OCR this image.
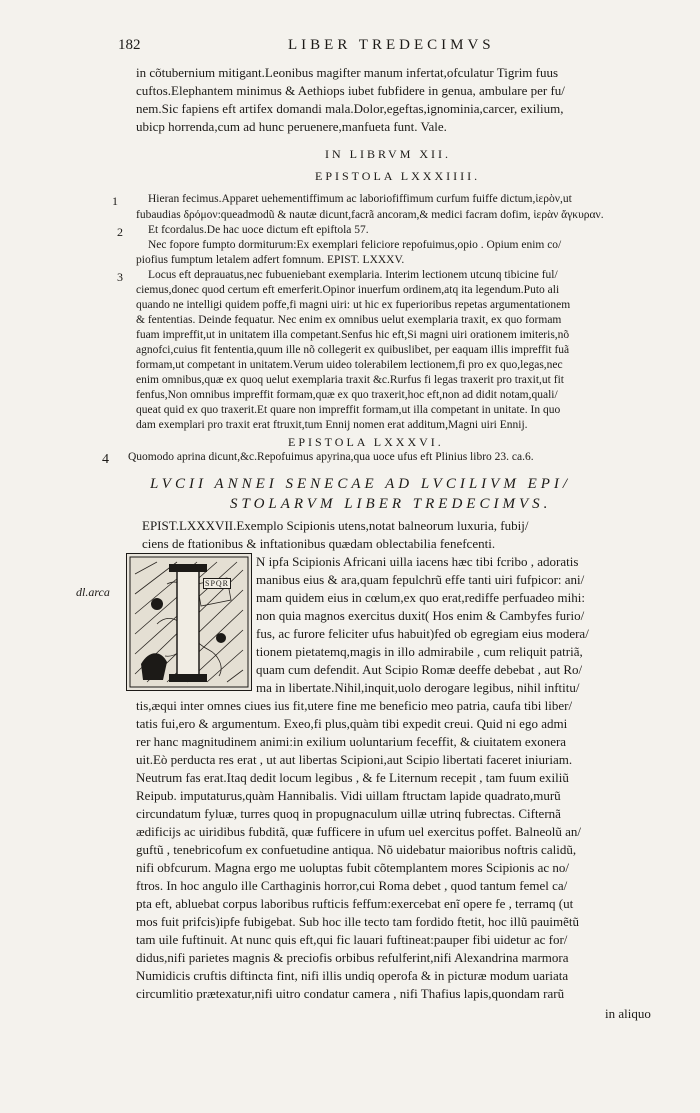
182	LIBER TREDECIMVS
in cõtubernium mitigant.Leonibus magifter manum infertat,ofculatur Tigrim fuus
cuftos.Elephantem minimus & Aethiops iubet fubfidere in genua, ambulare per fu/
nem.Sic fapiens eft artifex domandi mala.Dolor,egeftas,ignominia,carcer, exilium,
ubicp horrenda,cum ad hunc peruenere,manfueta funt. Vale.
IN LIBRVM XII.
EPISTOLA LXXXIIII.
1	Hieran fecimus.Apparet uehementiffimum ac laboriofiffimum curfum fuiffe dictum,ἱερὸν,ut
fubaudias δρόμον:queadmodũ & nautæ dicunt,facrã ancoram,& medici facram dofim, ἱερὰν ἄγκυραν.
2 Et fcordalus.De hac uoce dictum eft epiftola 57.
Nec fopore fumpto dormiturum:Ex exemplari feliciore repofuimus,opio . Opium enim co/
piofius fumptum letalem adfert fomnum. EPIST. LXXXV.
3 Locus eft deprauatus,nec fubueniebant exemplaria. Interim lectionem utcunq tibicine ful/
ciemus,donec quod certum eft emerferit.Opinor inuerfum ordinem,atq ita legendum.Puto ali
quando ne intelligi quidem poffe,fi magni uiri: ut hic ex fuperioribus repetas argumentationem
& fententias. Deinde fequatur. Nec enim ex omnibus uelut exemplaria traxit, ex quo formam
fuam impreffit,ut in unitatem illa competant.Senfus hic eft,Si magni uiri orationem imiteris,nõ
agnofci,cuius fit fententia,quum ille nõ collegerit ex quibuslibet, per eaquam illis impreffit fuã
formam,ut competant in unitatem.Verum uideo tolerabilem lectionem,fi pro ex quo,legas,nec
enim omnibus,quæ ex quoq uelut exemplaria traxit &c.Rurfus fi legas traxerit pro traxit,ut fit
fenfus,Non omnibus impreffit formam,quæ ex quo traxerit,hoc eft,non ad didit notam,quali/
queat quid ex quo traxerit.Et quare non impreffit formam,ut illa competant in unitate. In quo
dam exemplari pro traxit erat ftruxit,tum Ennij nomen erat additum,Magni uiri Ennij.
EPISTOLA LXXXVI.
4 Quomodo aprina dicunt,&c.Repofuimus apyrina,qua uoce ufus eft Plinius libro 23. ca.6.
LVCII ANNEI SENECAE AD LVCILIVM EPI/
STOLARVM LIBER TREDECIMVS.
EPIST.LXXXVII.Exemplo Scipionis utens,notat balneorum luxuria, fubij/
ciens de ftationibus & inftationibus quædam oblectabilia fenefcenti.
dl.arca
SPQR
N ipfa Scipionis Africani uilla iacens hæc tibi fcribo , adoratis
manibus eius & ara,quam fepulchrũ effe tanti uiri fufpicor: ani/
mam quidem eius in cœlum,ex quo erat,rediffe perfuadeo mihi:
non quia magnos exercitus duxit( Hos enim & Cambyfes furio/
fus, ac furore feliciter ufus habuit)fed ob egregiam eius modera/
tionem pietatemq,magis in illo admirabile , cum reliquit patriã,
quam cum defendit. Aut Scipio Romæ deeffe debebat , aut Ro/
ma in libertate.Nihil,inquit,uolo derogare legibus, nihil inftitu/
tis,æqui inter omnes ciues ius fit,utere fine me beneficio meo patria, caufa tibi liber/
tatis fui,ero & argumentum. Exeo,fi plus,quàm tibi expedit creui. Quid ni ego admi
rer hanc magnitudinem animi:in exilium uoluntarium feceffit, & ciuitatem exonera
uit.Eò perducta res erat , ut aut libertas Scipioni,aut Scipio libertati faceret iniuriam.
Neutrum fas erat.Itaq dedit locum legibus , & fe Liternum recepit , tam fuum exiliũ
Reipub. imputaturus,quàm Hannibalis. Vidi uillam ftructam lapide quadrato,murũ
circundatum fyluæ, turres quoq in propugnaculum uillæ utrinq fubrectas. Cifternã
ædificijs ac uiridibus fubditã, quæ fufficere in ufum uel exercitus poffet. Balneolũ an/
guftũ , tenebricofum ex confuetudine antiqua. Nõ uidebatur maioribus noftris calidũ,
nifi obfcurum. Magna ergo me uoluptas fubit cõtemplantem mores Scipionis ac no/
ftros. In hoc angulo ille Carthaginis horror,cui Roma debet , quod tantum femel ca/
pta eft, abluebat corpus laboribus rufticis feffum:exercebat enĩ opere fe , terramq (ut
mos fuit prifcis)ipfe fubigebat. Sub hoc ille tecto tam fordido ftetit, hoc illũ pauimẽtũ
tam uile fuftinuit. At nunc quis eft,qui fic lauari fuftineat:pauper fibi uidetur ac for/
didus,nifi parietes magnis & preciofis orbibus refulferint,nifi Alexandrina marmora
Numidicis cruftis diftincta fint, nifi illis undiq operofa & in picturæ modum uariata
circumlitio prætexatur,nifi uitro condatur camera , nifi Thafius lapis,quondam rarũ
in aliquo
